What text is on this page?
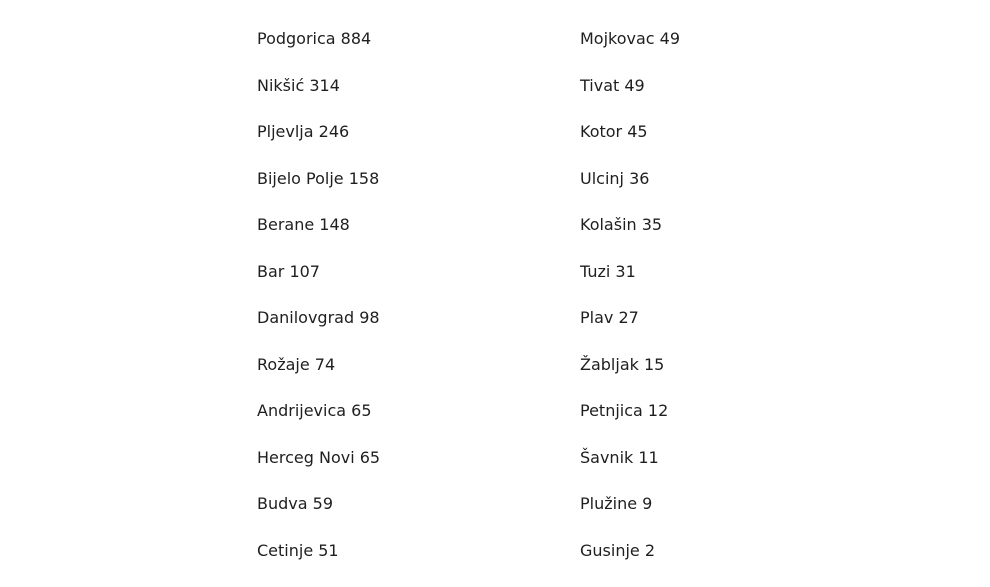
Podgorica 884
Nikšić 314
Pljevlja 246
Bijelo Polje 158
Berane 148
Bar 107
Danilovgrad 98
Rožaje 74
Andrijevica 65
Herceg Novi 65
Budva 59
Cetinje 51
Mojkovac 49
Tivat 49
Kotor 45
Ulcinj 36
Kolašin 35
Tuzi 31
Plav 27
Žabljak 15
Petnjica 12
Šavnik 11
Plužine 9
Gusinje 2
